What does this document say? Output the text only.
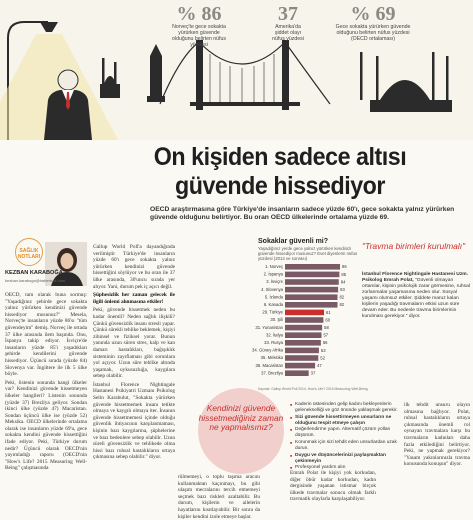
% 86
Norveç'te gece sokakta yürürken güvende olduğunu belirten nüfus yüzdesi
37
Amerika'da şiddet olayı nüfus yüzdesi
% 69
Gece sokakta yürürken güvende olduğunu belirten nüfus yüzdesi (OECD ortalaması)
On kişiden sadece altısı
güvende hissediyor
OECD araştırmasına göre Türkiye'de insanların sadece yüzde 60'ı, gece sokakta yalnız yürürken güvende olduğunu belirtiyor. Bu oran OECD ülkelerinde ortalama yüzde 69.
SAĞLIK NOTLARI
KEZBAN KARABOĞA
kezban.karaboga@haberturk.com

OECD, tam olarak buna sormuş: "Yaşadığınız şehirde gece sokakta yalnız yürürken kendinizi güvende hissediyor musunuz?" Mesela, Norveç'te insanların yüzde 86'sı "tüm güvendeyim" demiş. Norveç ile ortada 37 ülke arasında ilem başında. Onu, İspanya takip ediyor. İsviçre'de insanların yüzde 85'i yaşadıkları şehirde kendilerini güvende hissediyor. Üçüncü sırada (yüzde 84) Slovenya var. İngiltere ile ilk 5 ülke böyle.

Peki, listenin sonunda hangi ülkeler var? Kendinizi güvende hissetmeyen ülkeler hangileri? Listenin sonunda (yüzde 37) Brezilya geliyor. Sondan ikinci ülke (yüzde 47) Macaristan. Sondan üçüncü ülke ise (yüzde 52) Meksika. OECD ülkelerinde ortalama olarak ise insanların yüzde 69'u, gece sokakta kendini güvende hissettiğini ifade ediyor. Peki, Türkiye durum nedir? Üçüncü olarak OECD'nin yayımladığı raporu (OECD'nin "How's Life? 2015 Measuring Well-Being" çalışmasında

Gallup World Poll'a dayandığında verilmiştir Türkiye'de insanların yüzde 60'ı gece sokakta yalnız yürürken kendinizi güvende hissettiğini söylüyor ve bu oran ile 37 ülke arasında, 30'uncu sırada yer alıyor. Yani, durum pek iç açıcı değil.

Şüphesizlik her zaman gelecek ile ilgili önlemi alınmasına etkiler!

Peki, güvende hissetmek neden bu kadar önemli? Neden sağlık ilişkili? Çünkü güvensizlik insanı stresli yapar. Çünkü sürekli tehlike beklemek, kişiyi zihinsel ve fiziksel yorar. Bunun yanında uzun süren stres, kalp ve kan damarı hastalıkları, bağışıklık sisteminin zayıflaması gibi sorunlara yol açıyor. Uzun süre tehlike altında yaşamak, uykusuzluğa, kaygılara sebep olabilir.

İstanbul Florence Nightingale Hastanesi Psikiyatri Uzmanı Psikolog Selin Karabulut, "Sokakta yürürken güvende hissetmemek insanı tetikte olmaya ve kaygılı olmaya iter. İnsanın güvende hissetmemesi içinde olduğu güvenlik ihtiyacının karşılanmaması, kişinin bazı kaygılarına, şüphelerine ve bazı bedenlere sebep olabilir. Uzun süreli güvensizlik ve tehlikede olma hissi bazı ruhsal hastalıkların ortaya çıkmasına sebep olabilir." diyor.

Sokaklar güvenli mi?
Yaşadığınız yerde gece yalnız yürürken kendinizi güvende hissediyor musunuz? Evet diyenlerin nüfus yüzdesi (2014 ve sonrası)
1. Norveç	86
2. İspanya	85
3. İsviçre	84
4. Slovenya	83
5. İzlanda	82
6. Kanada	82
29. Türkiye	61
30. Şili	60
31. Yunanistan	58
32. İtalya	57
33. Rusya	56
34. Güney Afrika	53
35. Meksika	52
36. Macaristan	47
37. Brezilya	37
Kaynak: Gallup World Poll 2014, How's Life? 2015 Measuring Well-Being
"Travma birimleri kurulmalı"
İstanbul Florence Nightingale Hastanesi Uzm. Psikolog Emrah Polat, "Güvenli olmayan ortamlar, kişinin psikolojik zarar görmesine, ruhsal zorlanmalar yaşamasına neden olur. Sosyal yaşamı olumsuz etkiler. Şiddete maruz kalan kişilerin yaşadığı travmaların etkisi uzun süre devam eder. Bu nedenle travma birimlerinin kurulması gerekiyor." diyor.

rülmemeyi, o toplu taşıma aracını kullanmaktan kaçınmayı, bu gibi ulaşım mecralarını tercih etmemeyi seçmek bazı riskleri azaltabilir. Bu durum, kişilerin ve ailelerin hayatlarını kısıtlayabilir. Bir sonra da kişiler kendini izole etmeye başlar.

Kendinizi güvende hissetmediğiniz zaman ne yapmalısınız?
■ Kaderin üstesinden gelip kadını bekleyenlerin gelenekselliği ve göz önünde yaklaşmak gerekir.
■ Sizi güvende hissettirmeyen unsurların ne olduğunu tespit etmeye çalışın
■ Değerlendirme yapın. Alternatif çözüm yolları düşünün.
■ Korunmak için sizi tehdit eden unsurlardan uzak durun.
■ Duygu ve düşüncelerinizi paylaşmaktan çekinmeyin
■ Profesyonel yardım alın

Emrah Polat ile kişiyi yok korkudan, diğer öbür kadar korkudan, kadın dergisinde yaşanan istismar birçok ülkede travmalar sonucu olmak farklı travmatik olaylarla karşılaşabiliyor.

ilk tehdit unsuru olayın olmasına bağlıyor. Polat, ruhsal hastalıkların ortaya çıkmasında önemli rol oynayan travmalara karşı bu travmaların kadınları daha fazla etkilediğini belirtiyor. Peki, ne yapmak gerekiyor? "Yasam yakınlarınızla travma konusunda konuşun" diyor.
